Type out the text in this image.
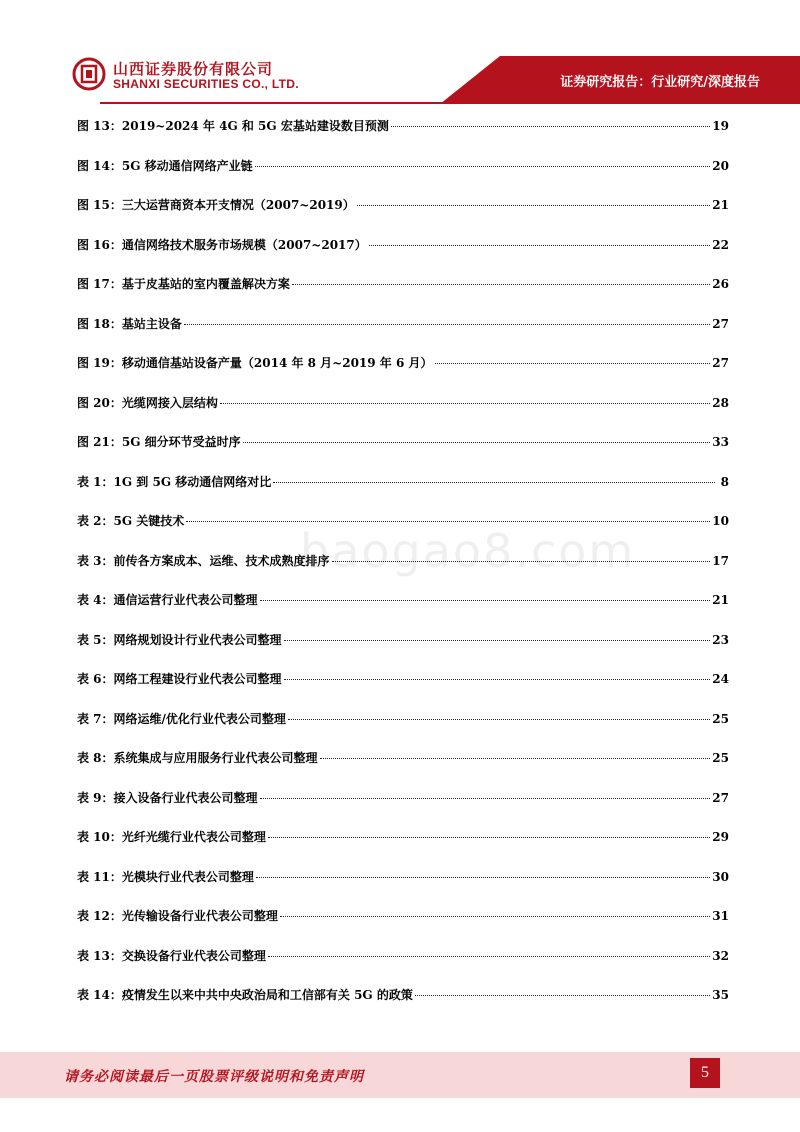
山西证券股份有限公司
SHANXI SECURITIES CO., LTD.	证券研究报告：行业研究/深度报告
baogao8.com
图 13： 2019~2024 年 4G 和 5G 宏基站建设数目预测	19
图 14： 5G 移动通信网络产业链	20
图 15： 三大运营商资本开支情况（2007~2019）	21
图 16： 通信网络技术服务市场规模（2007~2017）	22
图 17： 基于皮基站的室内覆盖解决方案	26
图 18： 基站主设备	27
图 19： 移动通信基站设备产量（2014 年 8 月~2019 年 6 月）	27
图 20： 光缆网接入层结构	28
图 21： 5G 细分环节受益时序	33
表 1： 1G 到 5G 移动通信网络对比	8
表 2： 5G 关键技术	10
表 3： 前传各方案成本、运维、技术成熟度排序	17
表 4： 通信运营行业代表公司整理	21
表 5： 网络规划设计行业代表公司整理	23
表 6： 网络工程建设行业代表公司整理	24
表 7： 网络运维/优化行业代表公司整理	25
表 8： 系统集成与应用服务行业代表公司整理	25
表 9： 接入设备行业代表公司整理	27
表 10： 光纤光缆行业代表公司整理	29
表 11： 光模块行业代表公司整理	30
表 12： 光传输设备行业代表公司整理	31
表 13： 交换设备行业代表公司整理	32
表 14： 疫情发生以来中共中央政治局和工信部有关 5G 的政策	35
请务必阅读最后一页股票评级说明和免责声明	5
